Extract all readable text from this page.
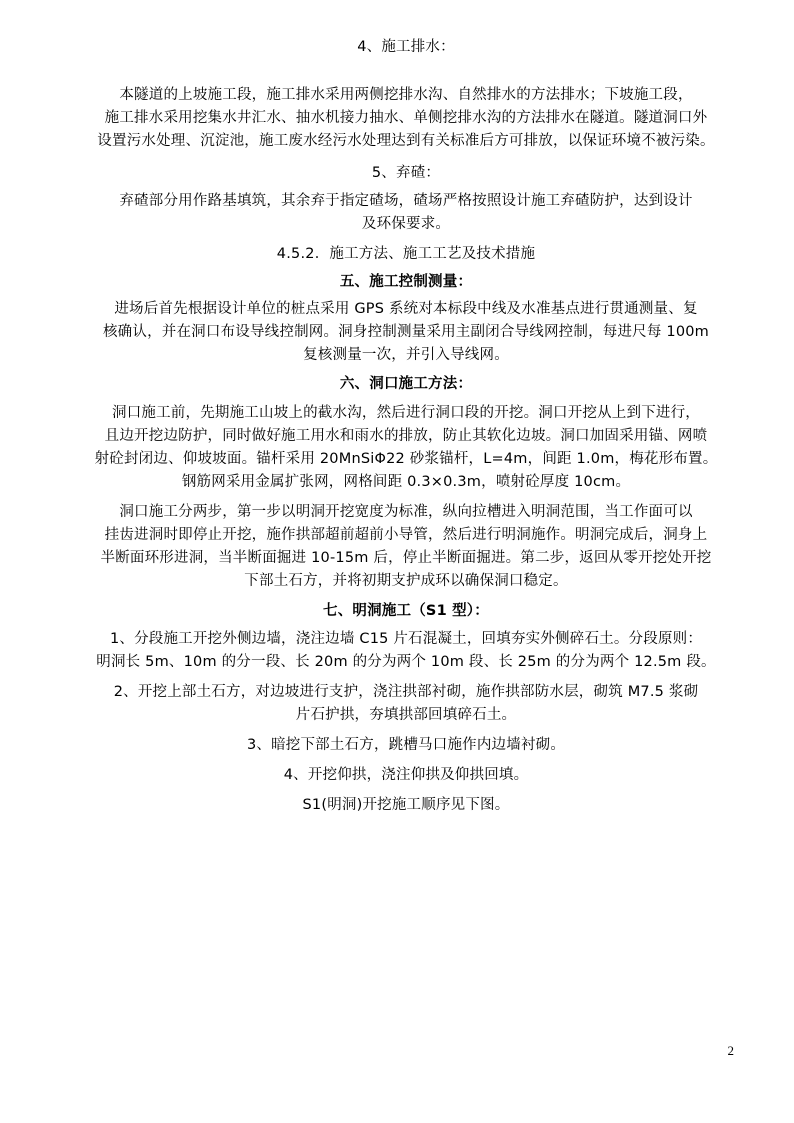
4、施工排水：
本隧道的上坡施工段，施工排水采用两侧挖排水沟、自然排水的方法排水；下坡施工段，
施工排水采用挖集水井汇水、抽水机接力抽水、单侧挖排水沟的方法排水在隧道。隧道洞口外
设置污水处理、沉淀池，施工废水经污水处理达到有关标准后方可排放，以保证环境不被污染。
5、弃碴：
弃碴部分用作路基填筑，其余弃于指定碴场，碴场严格按照设计施工弃碴防护，达到设计
及环保要求。
4.5.2．施工方法、施工工艺及技术措施
五、施工控制测量：
进场后首先根据设计单位的桩点采用 GPS 系统对本标段中线及水准基点进行贯通测量、复
核确认，并在洞口布设导线控制网。洞身控制测量采用主副闭合导线网控制，每进尺每 100m
复核测量一次，并引入导线网。
六、洞口施工方法：
洞口施工前，先期施工山坡上的截水沟，然后进行洞口段的开挖。洞口开挖从上到下进行，
且边开挖边防护，同时做好施工用水和雨水的排放，防止其软化边坡。洞口加固采用锚、网喷
射砼封闭边、仰坡坡面。锚杆采用 20MnSiΦ22 砂浆锚杆，L=4m，间距 1.0m，梅花形布置。
钢筋网采用金属扩张网，网格间距 0.3×0.3m，喷射砼厚度 10cm。
洞口施工分两步，第一步以明洞开挖宽度为标准，纵向拉槽进入明洞范围，当工作面可以
挂齿进洞时即停止开挖，施作拱部超前超前小导管，然后进行明洞施作。明洞完成后，洞身上
半断面环形进洞，当半断面掘进 10-15m 后，停止半断面掘进。第二步，返回从零开挖处开挖
下部土石方，并将初期支护成环以确保洞口稳定。
七、明洞施工（S1 型）：
1、分段施工开挖外侧边墙，浇注边墙 C15 片石混凝土，回填夯实外侧碎石土。分段原则：
明洞长 5m、10m 的分一段、长 20m 的分为两个 10m 段、长 25m 的分为两个 12.5m 段。
2、开挖上部土石方，对边坡进行支护，浇注拱部衬砌，施作拱部防水层，砌筑 M7.5 浆砌
片石护拱，夯填拱部回填碎石土。
3、暗挖下部土石方，跳槽马口施作内边墙衬砌。
4、开挖仰拱，浇注仰拱及仰拱回填。
S1(明洞)开挖施工顺序见下图。
2
